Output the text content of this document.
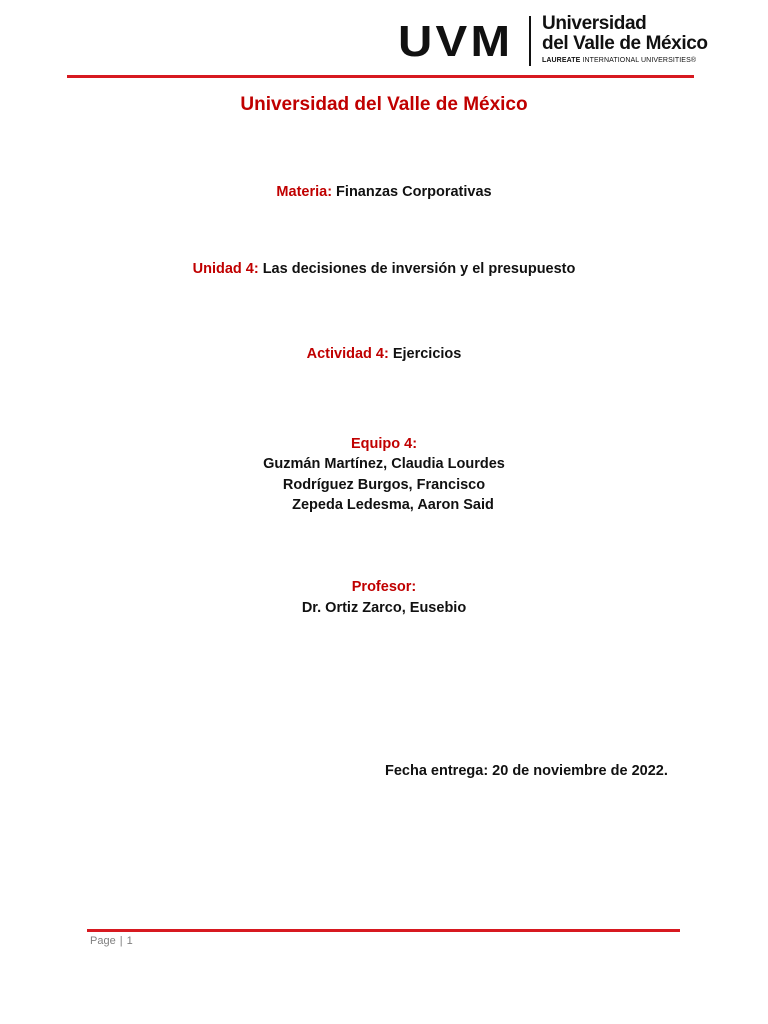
UVM Universidad
del Valle de México
LAUREATE INTERNATIONAL UNIVERSITIES®
Universidad del Valle de México
Materia: Finanzas Corporativas
Unidad 4: Las decisiones de inversión y el presupuesto
Actividad 4: Ejercicios
Equipo 4:
Guzmán Martínez, Claudia Lourdes
Rodríguez Burgos, Francisco
Zepeda Ledesma, Aaron Said
Profesor:
Dr. Ortiz Zarco, Eusebio
Fecha entrega: 20 de noviembre de 2022.
Page | 1
